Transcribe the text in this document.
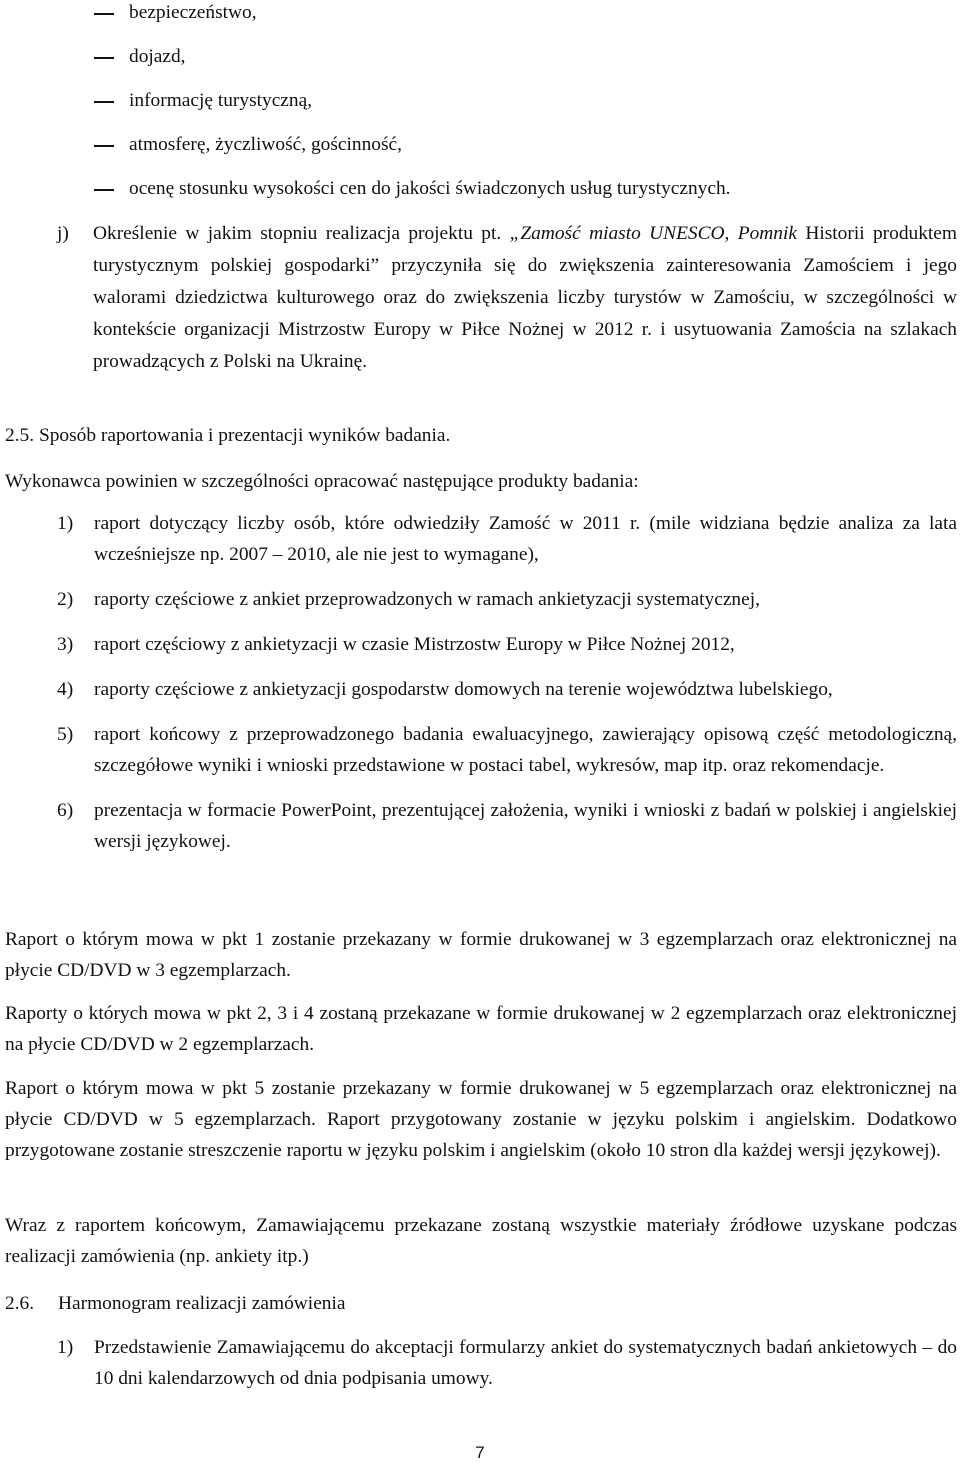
bezpieczeństwo,
dojazd,
informację turystyczną,
atmosferę, życzliwość, gościnność,
ocenę stosunku wysokości cen do jakości świadczonych usług turystycznych.
j)	Określenie w jakim stopniu realizacja projektu pt. „Zamość miasto UNESCO, Pomnik Historii produktem turystycznym polskiej gospodarki” przyczyniła się do zwiększenia zainteresowania Zamościem i jego walorami dziedzictwa kulturowego oraz do zwiększenia liczby turystów w Zamościu, w szczególności w kontekście organizacji Mistrzostw Europy w Piłce Nożnej w 2012 r. i usytuowania Zamościa na szlakach prowadzących z Polski na Ukrainę.
2.5. Sposób raportowania i prezentacji wyników badania.
Wykonawca powinien w szczególności opracować następujące produkty badania:
1)	raport dotyczący liczby osób, które odwiedziły Zamość w 2011 r. (mile widziana będzie analiza za lata wcześniejsze np. 2007 – 2010, ale nie jest to wymagane),
2)	raporty częściowe z ankiet przeprowadzonych w ramach ankietyzacji systematycznej,
3)	raport częściowy z ankietyzacji w czasie Mistrzostw Europy w Piłce Nożnej 2012,
4)	raporty częściowe z ankietyzacji gospodarstw domowych na terenie województwa lubelskiego,
5)	raport końcowy z przeprowadzonego badania ewaluacyjnego, zawierający opisową część metodologiczną, szczegółowe wyniki i wnioski przedstawione w postaci tabel, wykresów, map itp. oraz rekomendacje.
6)	prezentacja w formacie PowerPoint, prezentującej założenia, wyniki i wnioski z badań w polskiej i angielskiej wersji językowej.
Raport o którym mowa w pkt 1 zostanie przekazany w formie drukowanej w 3 egzemplarzach oraz elektronicznej na płycie CD/DVD w 3 egzemplarzach.
Raporty o których mowa w pkt 2, 3 i 4 zostaną przekazane w formie drukowanej w 2 egzemplarzach oraz elektronicznej na płycie CD/DVD w 2 egzemplarzach.
Raport o którym mowa w pkt 5 zostanie przekazany w formie drukowanej w 5 egzemplarzach oraz elektronicznej na płycie CD/DVD w 5 egzemplarzach. Raport przygotowany zostanie w języku polskim i angielskim. Dodatkowo przygotowane zostanie streszczenie raportu w języku polskim i angielskim (około 10 stron dla każdej wersji językowej).
Wraz z raportem końcowym, Zamawiającemu przekazane zostaną wszystkie materiały źródłowe uzyskane podczas realizacji zamówienia (np. ankiety itp.)
2.6.	Harmonogram realizacji zamówienia
1)	Przedstawienie Zamawiającemu do akceptacji formularzy ankiet do systematycznych badań ankietowych – do 10 dni kalendarzowych od dnia podpisania umowy.
7
